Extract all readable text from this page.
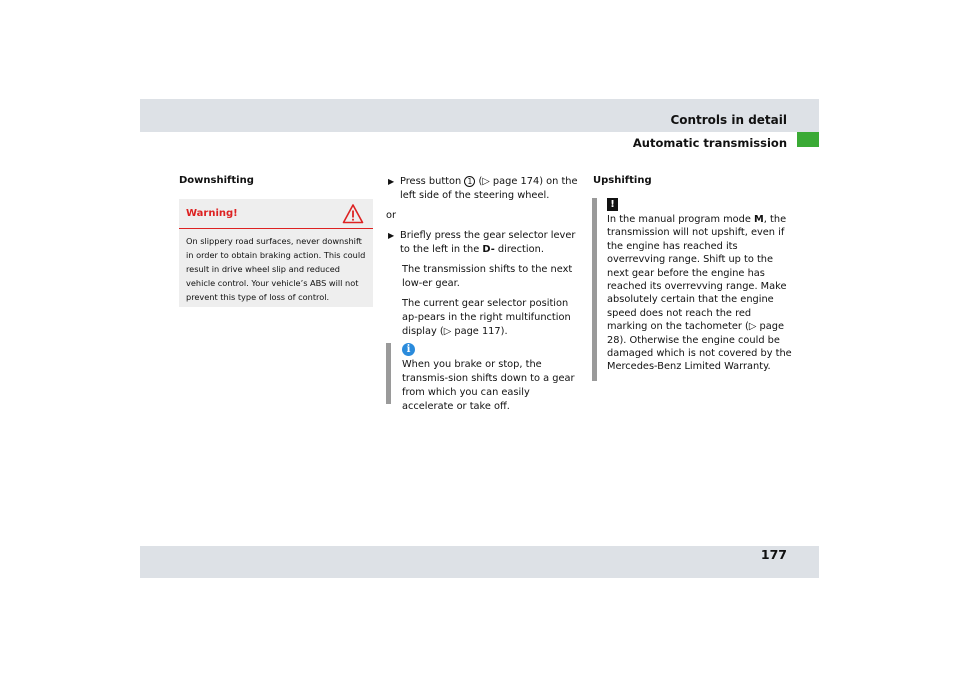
Controls in detail
Automatic transmission
Downshifting
Warning!
On slippery road surfaces, never downshift in order to obtain braking action. This could result in drive wheel slip and reduced vehicle control. Your vehicle’s ABS will not prevent this type of loss of control.
▶ Press button 1 (▷ page 174) on the left side of the steering wheel.
or
▶ Briefly press the gear selector lever to the left in the D- direction.
The transmission shifts to the next low-er gear.
The current gear selector position ap-pears in the right multifunction display (▷ page 117).
i
When you brake or stop, the transmis-sion shifts down to a gear from which you can easily accelerate or take off.
Upshifting
!
In the manual program mode M, the transmission will not upshift, even if the engine has reached its overrevving range. Shift up to the next gear before the engine has reached its overrevving range. Make absolutely certain that the engine speed does not reach the red marking on the tachometer (▷ page 28). Otherwise the engine could be damaged which is not covered by the Mercedes-Benz Limited Warranty.
177
